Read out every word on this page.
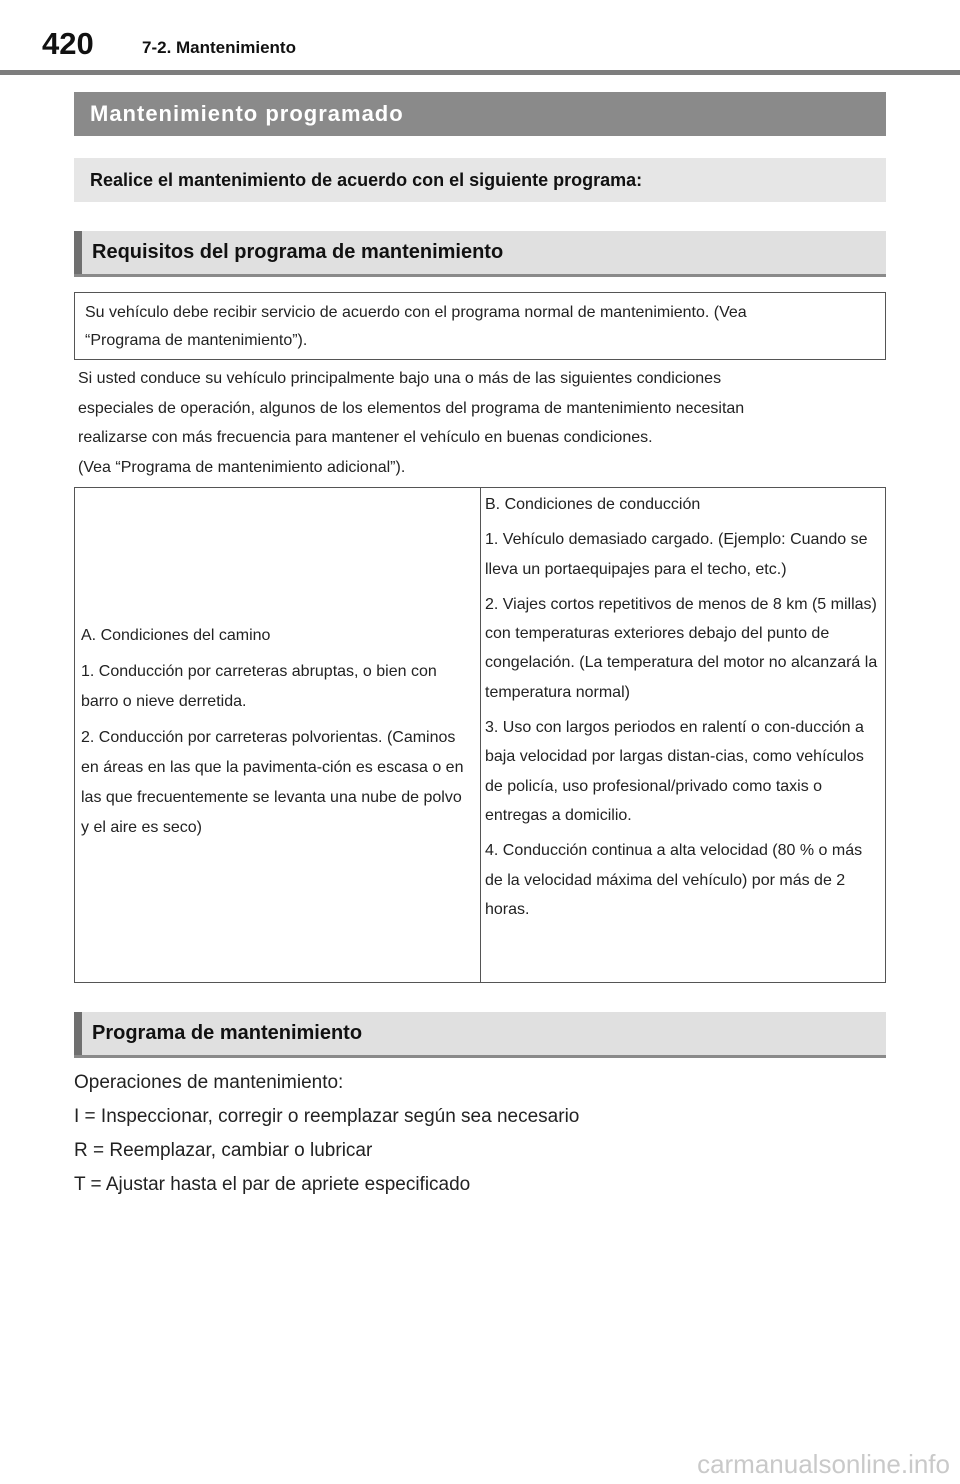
420	7-2. Mantenimiento
Mantenimiento programado
Realice el mantenimiento de acuerdo con el siguiente programa:
Requisitos del programa de mantenimiento
Su vehículo debe recibir servicio de acuerdo con el programa normal de mantenimiento. (Vea
“Programa de mantenimiento”).

Si usted conduce su vehículo principalmente bajo una o más de las siguientes condiciones

especiales de operación, algunos de los elementos del programa de mantenimiento necesitan

realizarse con más frecuencia para mantener el vehículo en buenas condiciones.

(Vea “Programa de mantenimiento adicional”).

A. Condiciones del camino

1. Conducción por carreteras abruptas, o bien con barro o nieve derretida.

2. Conducción por carreteras polvorientas. (Caminos en áreas en las que la pavimenta-ción es escasa o en las que frecuentemente se levanta una nube de polvo y el aire es seco)

B. Condiciones de conducción

1. Vehículo demasiado cargado. (Ejemplo: Cuando se lleva un portaequipajes para el techo, etc.)

2. Viajes cortos repetitivos de menos de 8 km (5 millas) con temperaturas exteriores debajo del punto de congelación. (La temperatura del motor no alcanzará la temperatura normal)

3. Uso con largos periodos en ralentí o con-ducción a baja velocidad por largas distan-cias, como vehículos de policía, uso profesional/privado como taxis o entregas a domicilio.

4. Conducción continua a alta velocidad (80 % o más de la velocidad máxima del vehículo) por más de 2 horas.

Programa de mantenimiento

Operaciones de mantenimiento:

I = Inspeccionar, corregir o reemplazar según sea necesario

R = Reemplazar, cambiar o lubricar

T = Ajustar hasta el par de apriete especificado

carmanualsonline.info
